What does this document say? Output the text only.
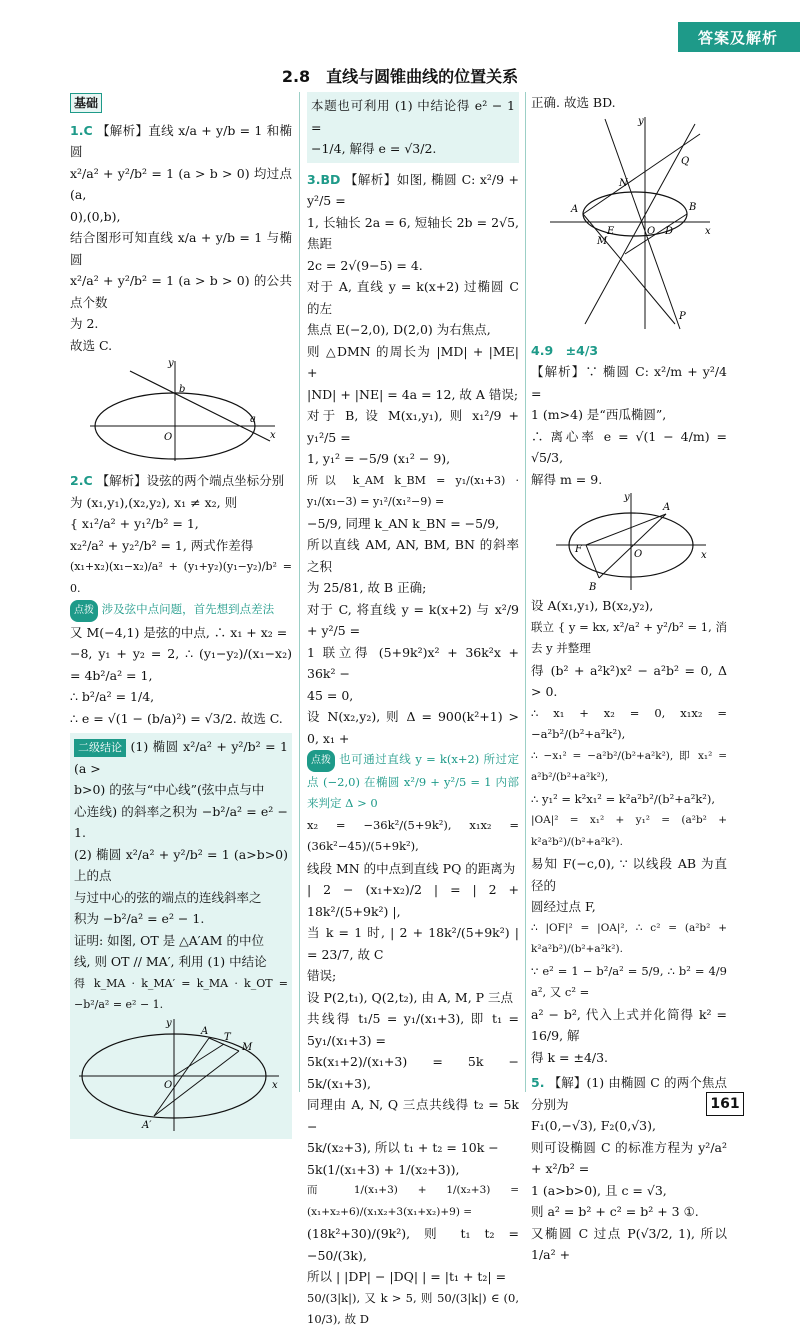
答案及解析
2.8　直线与圆锥曲线的位置关系

基础

1.C 【解析】直线 x/a + y/b = 1 和椭圆

x²/a² + y²/b² = 1 (a > b > 0) 均过点 (a,

0),(0,b),

结合图形可知直线 x/a + y/b = 1 与椭圆

x²/a² + y²/b² = 1 (a > b > 0) 的公共点个数

为 2.

故选 C.

y
b
O
a
x

2.C 【解析】设弦的两个端点坐标分别

为 (x₁,y₁),(x₂,y₂), x₁ ≠ x₂, 则

{ x₁²/a² + y₁²/b² = 1,

x₂²/a² + y₂²/b² = 1, 两式作差得

(x₁+x₂)(x₁−x₂)/a² + (y₁+y₂)(y₁−y₂)/b² = 0.

点拨 涉及弦中点问题，首先想到点差法

又 M(−4,1) 是弦的中点, ∴ x₁ + x₂ =

−8, y₁ + y₂ = 2, ∴ (y₁−y₂)/(x₁−x₂) = 4b²/a² = 1,

∴ b²/a² = 1/4,

∴ e = √(1 − (b/a)²) = √3/2. 故选 C.

二级结论 (1) 椭圆 x²/a² + y²/b² = 1 (a >

b>0) 的弦与“中心线”(弦中点与中

心连线) 的斜率之积为 −b²/a² = e² − 1.

(2) 椭圆 x²/a² + y²/b² = 1 (a>b>0) 上的点

与过中心的弦的端点的连线斜率之

积为 −b²/a² = e² − 1.

证明: 如图, OT 是 △A′AM 的中位

线, 则 OT // MA′, 利用 (1) 中结论

得 k_MA · k_MA′ = k_MA · k_OT = −b²/a² = e² − 1.

y
A
T
M
O	x
A′

本题也可利用 (1) 中结论得 e² − 1 =

−1/4, 解得 e = √3/2.

3.BD 【解析】如图, 椭圆 C: x²/9 + y²/5 =

1, 长轴长 2a = 6, 短轴长 2b = 2√5, 焦距

2c = 2√(9−5) = 4.

对于 A, 直线 y = k(x+2) 过椭圆 C 的左

焦点 E(−2,0), D(2,0) 为右焦点,

则 △DMN 的周长为 |MD| + |ME| +

|ND| + |NE| = 4a = 12, 故 A 错误;

对于 B, 设 M(x₁,y₁), 则 x₁²/9 + y₁²/5 =

1, y₁² = −5/9 (x₁² − 9),

所以 k_AM k_BM = y₁/(x₁+3) · y₁/(x₁−3) = y₁²/(x₁²−9) =

−5/9, 同理 k_AN k_BN = −5/9,

所以直线 AM, AN, BM, BN 的斜率之积

为 25/81, 故 B 正确;

对于 C, 将直线 y = k(x+2) 与 x²/9 + y²/5 =

1 联立得 (5+9k²)x² + 36k²x + 36k² −

45 = 0,

设 N(x₂,y₂), 则 Δ = 900(k²+1) > 0, x₁ +

点拨 也可通过直线 y = k(x+2) 所过定点 (−2,0) 在椭圆 x²/9 + y²/5 = 1 内部来判定 Δ > 0

x₂ = −36k²/(5+9k²), x₁x₂ = (36k²−45)/(5+9k²),

线段 MN 的中点到直线 PQ 的距离为

| 2 − (x₁+x₂)/2 | = | 2 + 18k²/(5+9k²) |,

当 k = 1 时, | 2 + 18k²/(5+9k²) | = 23/7, 故 C

错误;

设 P(2,t₁), Q(2,t₂), 由 A, M, P 三点

共线得 t₁/5 = y₁/(x₁+3), 即 t₁ = 5y₁/(x₁+3) =

5k(x₁+2)/(x₁+3) = 5k − 5k/(x₁+3),

同理由 A, N, Q 三点共线得 t₂ = 5k −

5k/(x₂+3), 所以 t₁ + t₂ = 10k −

5k(1/(x₁+3) + 1/(x₂+3)),

而 1/(x₁+3) + 1/(x₂+3) = (x₁+x₂+6)/(x₁x₂+3(x₁+x₂)+9) =

(18k²+30)/(9k²), 则 t₁ t₂ = −50/(3k),

所以 | |DP| − |DQ| | = |t₁ + t₂| =

50/(3|k|), 又 k > 5, 则 50/(3|k|) ∈ (0, 10/3), 故 D

正确. 故选 BD.

y
Q
N
B
A
E	O D	x
M
P

4.9　±4/3

【解析】∵ 椭圆 C: x²/m + y²/4 =

1 (m>4) 是“西瓜椭圆”,

∴ 离心率 e = √(1 − 4/m) = √5/3,

解得 m = 9.

y
A
F	O	x
B

设 A(x₁,y₁), B(x₂,y₂),

联立 { y = kx, x²/a² + y²/b² = 1, 消去 y 并整理

得 (b² + a²k²)x² − a²b² = 0, Δ > 0.

∴ x₁ + x₂ = 0, x₁x₂ = −a²b²/(b²+a²k²),

∴ −x₁² = −a²b²/(b²+a²k²), 即 x₁² = a²b²/(b²+a²k²),

∴ y₁² = k²x₁² = k²a²b²/(b²+a²k²),

|OA|² = x₁² + y₁² = (a²b² + k²a²b²)/(b²+a²k²).

易知 F(−c,0), ∵ 以线段 AB 为直径的

圆经过点 F,

∴ |OF|² = |OA|², ∴ c² = (a²b² + k²a²b²)/(b²+a²k²).

∵ e² = 1 − b²/a² = 5/9, ∴ b² = 4/9 a², 又 c² =

a² − b², 代入上式并化简得 k² = 16/9, 解

得 k = ±4/3.

5. 【解】(1) 由椭圆 C 的两个焦点分别为

F₁(0,−√3), F₂(0,√3),

则可设椭圆 C 的标准方程为 y²/a² + x²/b² =

1 (a>b>0), 且 c = √3,

则 a² = b² + c² = b² + 3 ①.

又椭圆 C 过点 P(√3/2, 1), 所以 1/a² +

161
